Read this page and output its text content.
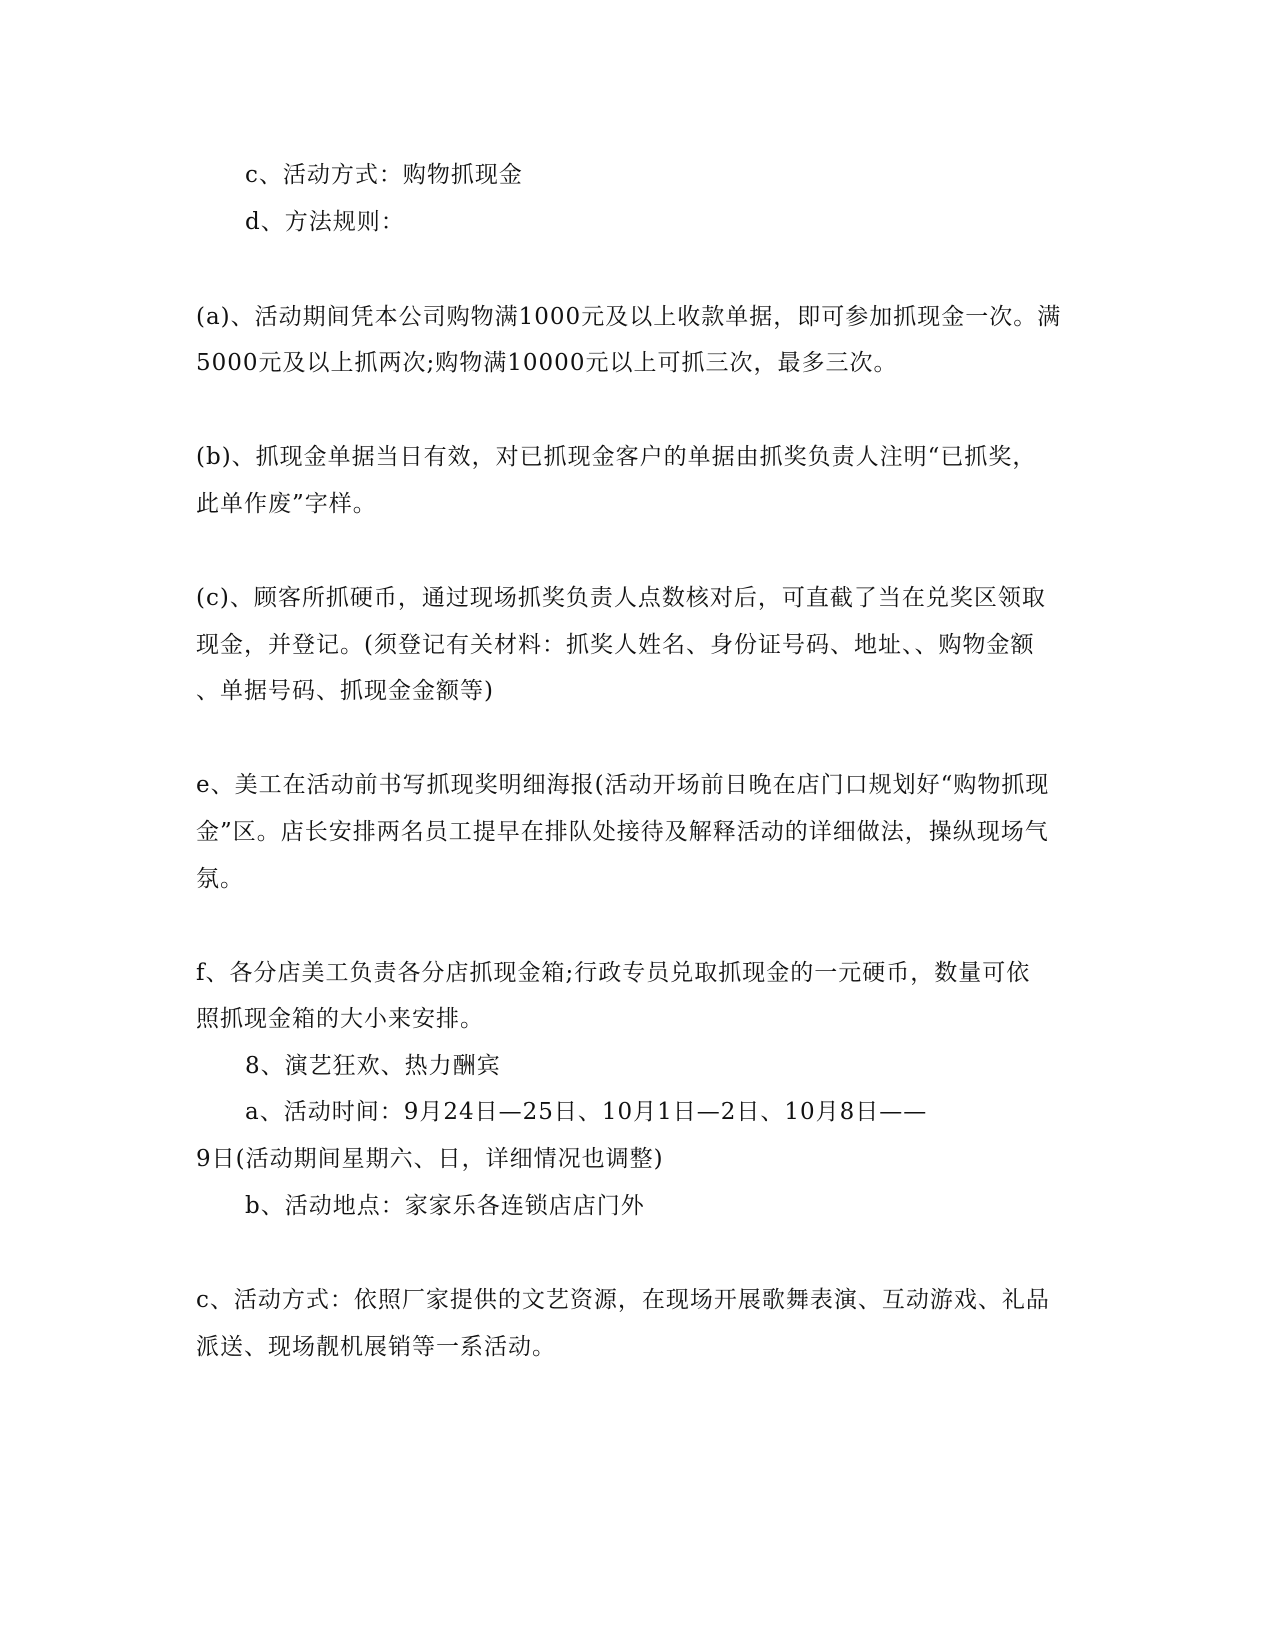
c、活动方式：购物抓现金
d、方法规则：
(a)、活动期间凭本公司购物满1000元及以上收款单据，即可参加抓现金一次。满
5000元及以上抓两次;购物满10000元以上可抓三次，最多三次。
(b)、抓现金单据当日有效，对已抓现金客户的单据由抓奖负责人注明“已抓奖，
此单作废”字样。
(c)、顾客所抓硬币，通过现场抓奖负责人点数核对后，可直截了当在兑奖区领取
现金，并登记。(须登记有关材料：抓奖人姓名、身份证号码、地址、、购物金额
、单据号码、抓现金金额等)
e、美工在活动前书写抓现奖明细海报(活动开场前日晚在店门口规划好“购物抓现
金”区。店长安排两名员工提早在排队处接待及解释活动的详细做法，操纵现场气
氛。
f、各分店美工负责各分店抓现金箱;行政专员兑取抓现金的一元硬币，数量可依
照抓现金箱的大小来安排。
8、演艺狂欢、热力酬宾
a、活动时间：9月24日—25日、10月1日—2日、10月8日——
9日(活动期间星期六、日，详细情况也调整)
b、活动地点：家家乐各连锁店店门外
c、活动方式：依照厂家提供的文艺资源，在现场开展歌舞表演、互动游戏、礼品
派送、现场靓机展销等一系活动。
